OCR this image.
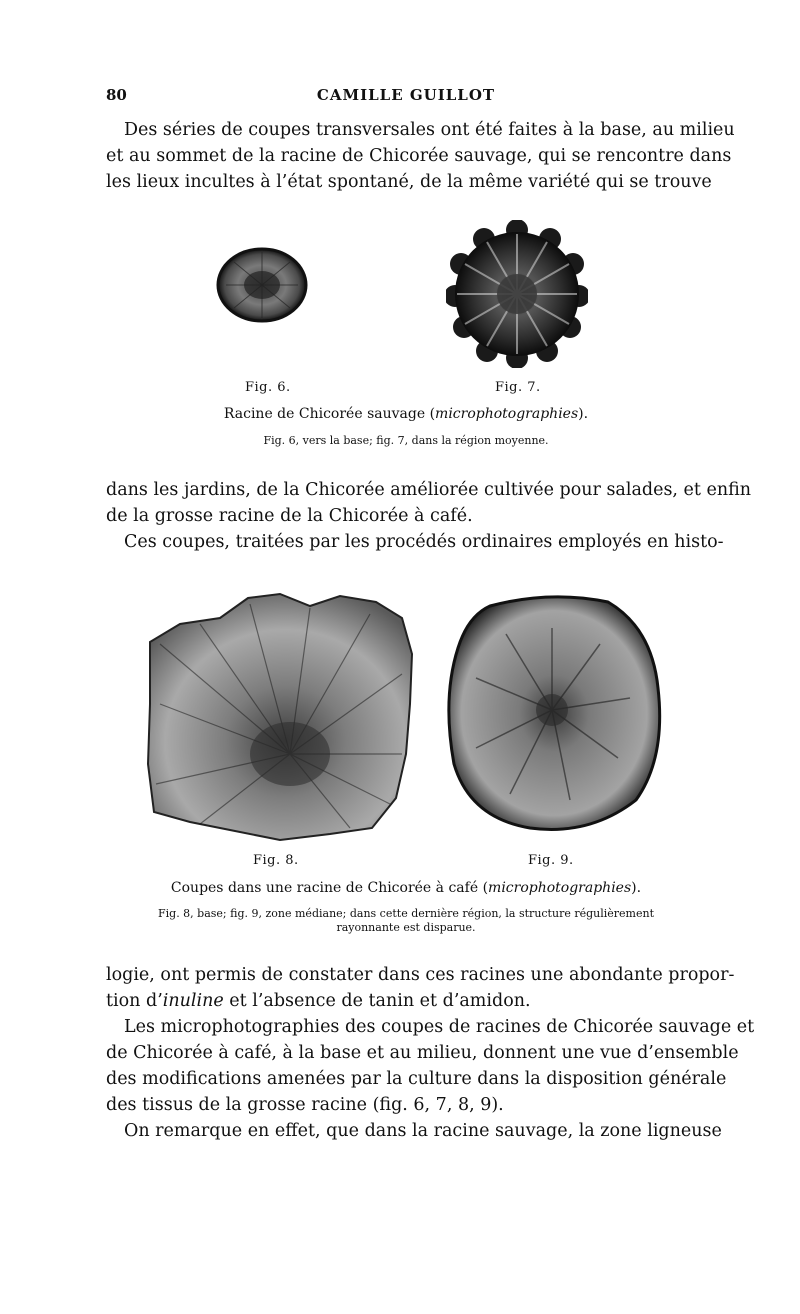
80	CAMILLE GUILLOT
Des séries de coupes transversales ont été faites à la base, au milieu
et au sommet de la racine de Chicorée sauvage, qui se rencontre dans
les lieux incultes à l’état spontané, de la même variété qui se trouve
Fig. 6.	Fig. 7.
Racine de Chicorée sauvage (microphotographies).
Fig. 6, vers la base; fig. 7, dans la région moyenne.
dans les jardins, de la Chicorée améliorée cultivée pour salades, et enfin
de la grosse racine de la Chicorée à café.
Ces coupes, traitées par les procédés ordinaires employés en histo-
Fig. 8.	Fig. 9.
Coupes dans une racine de Chicorée à café (microphotographies).
Fig. 8, base; fig. 9, zone médiane; dans cette dernière région, la structure régulièrement
rayonnante est disparue.
logie, ont permis de constater dans ces racines une abondante propor-
tion d’inuline et l’absence de tanin et d’amidon.
Les microphotographies des coupes de racines de Chicorée sauvage et
de Chicorée à café, à la base et au milieu, donnent une vue d’ensemble
des modifications amenées par la culture dans la disposition générale
des tissus de la grosse racine (fig. 6, 7, 8, 9).
On remarque en effet, que dans la racine sauvage, la zone ligneuse
